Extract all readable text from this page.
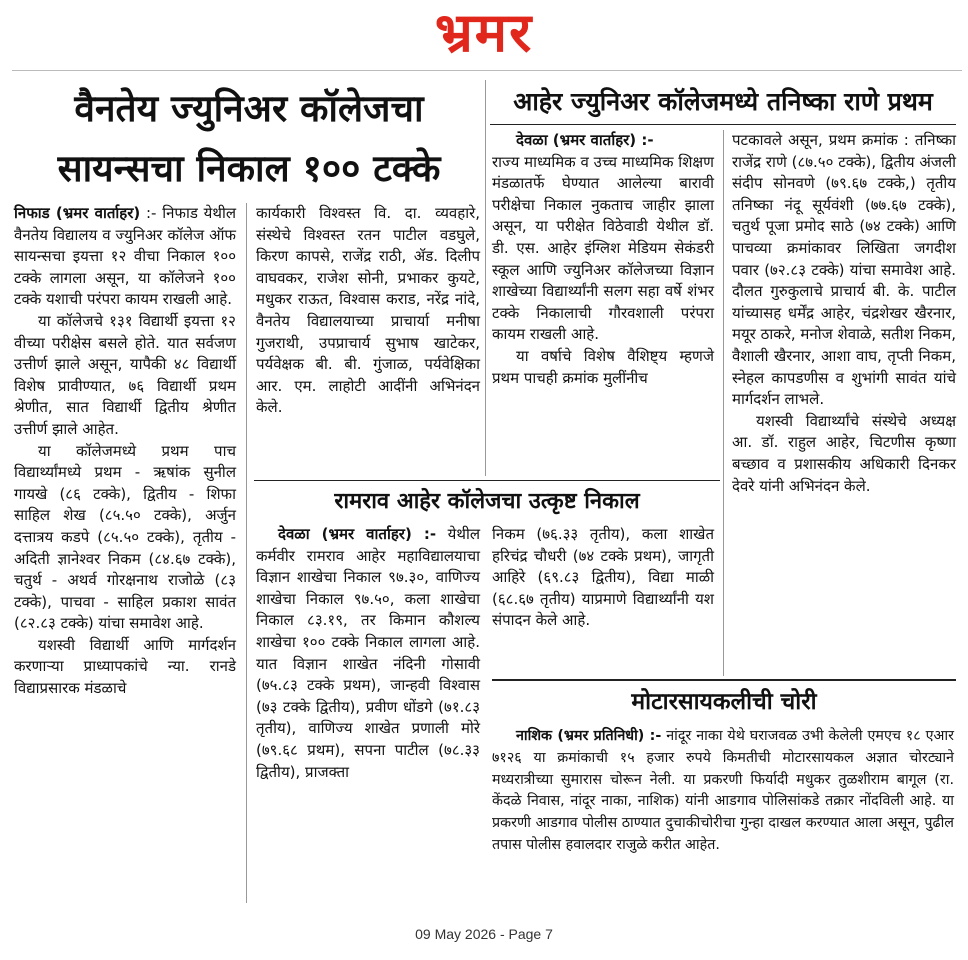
भ्रमर
वैनतेय ज्युनिअर कॉलेजचा
सायन्सचा निकाल १०० टक्के

निफाड (भ्रमर वार्ताहर) :- निफाड येथील वैनतेय विद्यालय व ज्युनिअर कॉलेज ऑफ सायन्सचा इयत्ता १२ वीचा निकाल १०० टक्के लागला असून, या कॉलेजने १०० टक्के यशाची परंपरा कायम राखली आहे.

या कॉलेजचे १३१ विद्यार्थी इयत्ता १२ वीच्या परीक्षेस बसले होते. यात सर्वजण उत्तीर्ण झाले असून, यापैकी ४८ विद्यार्थी विशेष प्रावीण्यात, ७६ विद्यार्थी प्रथम श्रेणीत, सात विद्यार्थी द्वितीय श्रेणीत उत्तीर्ण झाले आहेत.

या कॉलेजमध्ये प्रथम पाच विद्यार्थ्यांमध्ये प्रथम - ऋषांक सुनील गायखे (८६ टक्के), द्वितीय - शिफा साहिल शेख (८५.५० टक्के), अर्जुन दत्तात्रय कडपे (८५.५० टक्के), तृतीय - अदिती ज्ञानेश्वर निकम (८४.६७ टक्के), चतुर्थ - अथर्व गोरक्षनाथ राजोळे (८३ टक्के), पाचवा - साहिल प्रकाश सावंत (८२.८३ टक्के) यांचा समावेश आहे.

यशस्वी विद्यार्थी आणि मार्गदर्शन करणाऱ्या प्राध्यापकांचे न्या. रानडे विद्याप्रसारक मंडळाचे

कार्यकारी विश्वस्त वि. दा. व्यवहारे, संस्थेचे विश्वस्त रतन पाटील वडघुले, किरण कापसे, राजेंद्र राठी, ॲड. दिलीप वाघवकर, राजेश सोनी, प्रभाकर कुयटे, मधुकर राऊत, विश्वास कराड, नरेंद्र नांदे, वैनतेय विद्यालयाच्या प्राचार्या मनीषा गुजराथी, उपप्राचार्य सुभाष खाटेकर, पर्यवेक्षक बी. बी. गुंजाळ, पर्यवेक्षिका आर. एम. लाहोटी आदींनी अभिनंदन केले.

आहेर ज्युनिअर कॉलेजमध्ये तनिष्का राणे प्रथम

देवळा (भ्रमर वार्ताहर) :-

राज्य माध्यमिक व उच्च माध्यमिक शिक्षण मंडळातर्फे घेण्यात आलेल्या बारावी परीक्षेचा निकाल नुकताच जाहीर झाला असून, या परीक्षेत विठेवाडी येथील डॉ. डी. एस. आहेर इंग्लिश मेडियम सेकंडरी स्कूल आणि ज्युनिअर कॉलेजच्या विज्ञान शाखेच्या विद्यार्थ्यांनी सलग सहा वर्षे शंभर टक्के निकालाची गौरवशाली परंपरा कायम राखली आहे.

या वर्षाचे विशेष वैशिष्ट्य म्हणजे प्रथम पाचही क्रमांक मुलींनीच

पटकावले असून, प्रथम क्रमांक : तनिष्का राजेंद्र राणे (८७.५० टक्के), द्वितीय अंजली संदीप सोनवणे (७९.६७ टक्के,) तृतीय तनिष्का नंदू सूर्यवंशी (७७.६७ टक्के), चतुर्थ पूजा प्रमोद साठे (७४ टक्के) आणि पाचव्या क्रमांकावर लिखिता जगदीश पवार (७२.८३ टक्के) यांचा समावेश आहे. दौलत गुरुकुलाचे प्राचार्य बी. के. पाटील यांच्यासह धर्मेंद्र आहेर, चंद्रशेखर खैरनार, मयूर ठाकरे, मनोज शेवाळे, सतीश निकम, वैशाली खैरनार, आशा वाघ, तृप्ती निकम, स्नेहल कापडणीस व शुभांगी सावंत यांचे मार्गदर्शन लाभले.

यशस्वी विद्यार्थ्यांचे संस्थेचे अध्यक्ष आ. डॉ. राहुल आहेर, चिटणीस कृष्णा बच्छाव व प्रशासकीय अधिकारी दिनकर देवरे यांनी अभिनंदन केले.

रामराव आहेर कॉलेजचा उत्कृष्ट निकाल

देवळा (भ्रमर वार्ताहर) :- येथील कर्मवीर रामराव आहेर महाविद्यालयाचा विज्ञान शाखेचा निकाल ९७.३०, वाणिज्य शाखेचा निकाल ९७.५०, कला शाखेचा निकाल ८३.१९, तर किमान कौशल्य शाखेचा १०० टक्के निकाल लागला आहे. यात विज्ञान शाखेत नंदिनी गोसावी (७५.८३ टक्के प्रथम), जान्हवी विश्वास (७३ टक्के द्वितीय), प्रवीण धोंडगे (७१.८३ तृतीय), वाणिज्य शाखेत प्रणाली मोरे (७९.६८ प्रथम), सपना पाटील (७८.३३ द्वितीय), प्राजक्ता

निकम (७६.३३ तृतीय), कला शाखेत हरिचंद्र चौधरी (७४ टक्के प्रथम), जागृती आहिरे (६९.८३ द्वितीय), विद्या माळी (६८.६७ तृतीय) याप्रमाणे विद्यार्थ्यांनी यश संपादन केले आहे.

मोटारसायकलीची चोरी

नाशिक (भ्रमर प्रतिनिधी) :- नांदूर नाका येथे घराजवळ उभी केलेली एमएच १८ एआर ७१२६ या क्रमांकाची १५ हजार रुपये किमतीची मोटारसायकल अज्ञात चोरट्याने मध्यरात्रीच्या सुमारास चोरून नेली. या प्रकरणी फिर्यादी मधुकर तुळशीराम बागूल (रा. केंदळे निवास, नांदूर नाका, नाशिक) यांनी आडगाव पोलिसांकडे तक्रार नोंदविली आहे. या प्रकरणी आडगाव पोलीस ठाण्यात दुचाकीचोरीचा गुन्हा दाखल करण्यात आला असून, पुढील तपास पोलीस हवालदार राजुळे करीत आहेत.

09 May 2026 - Page 7
